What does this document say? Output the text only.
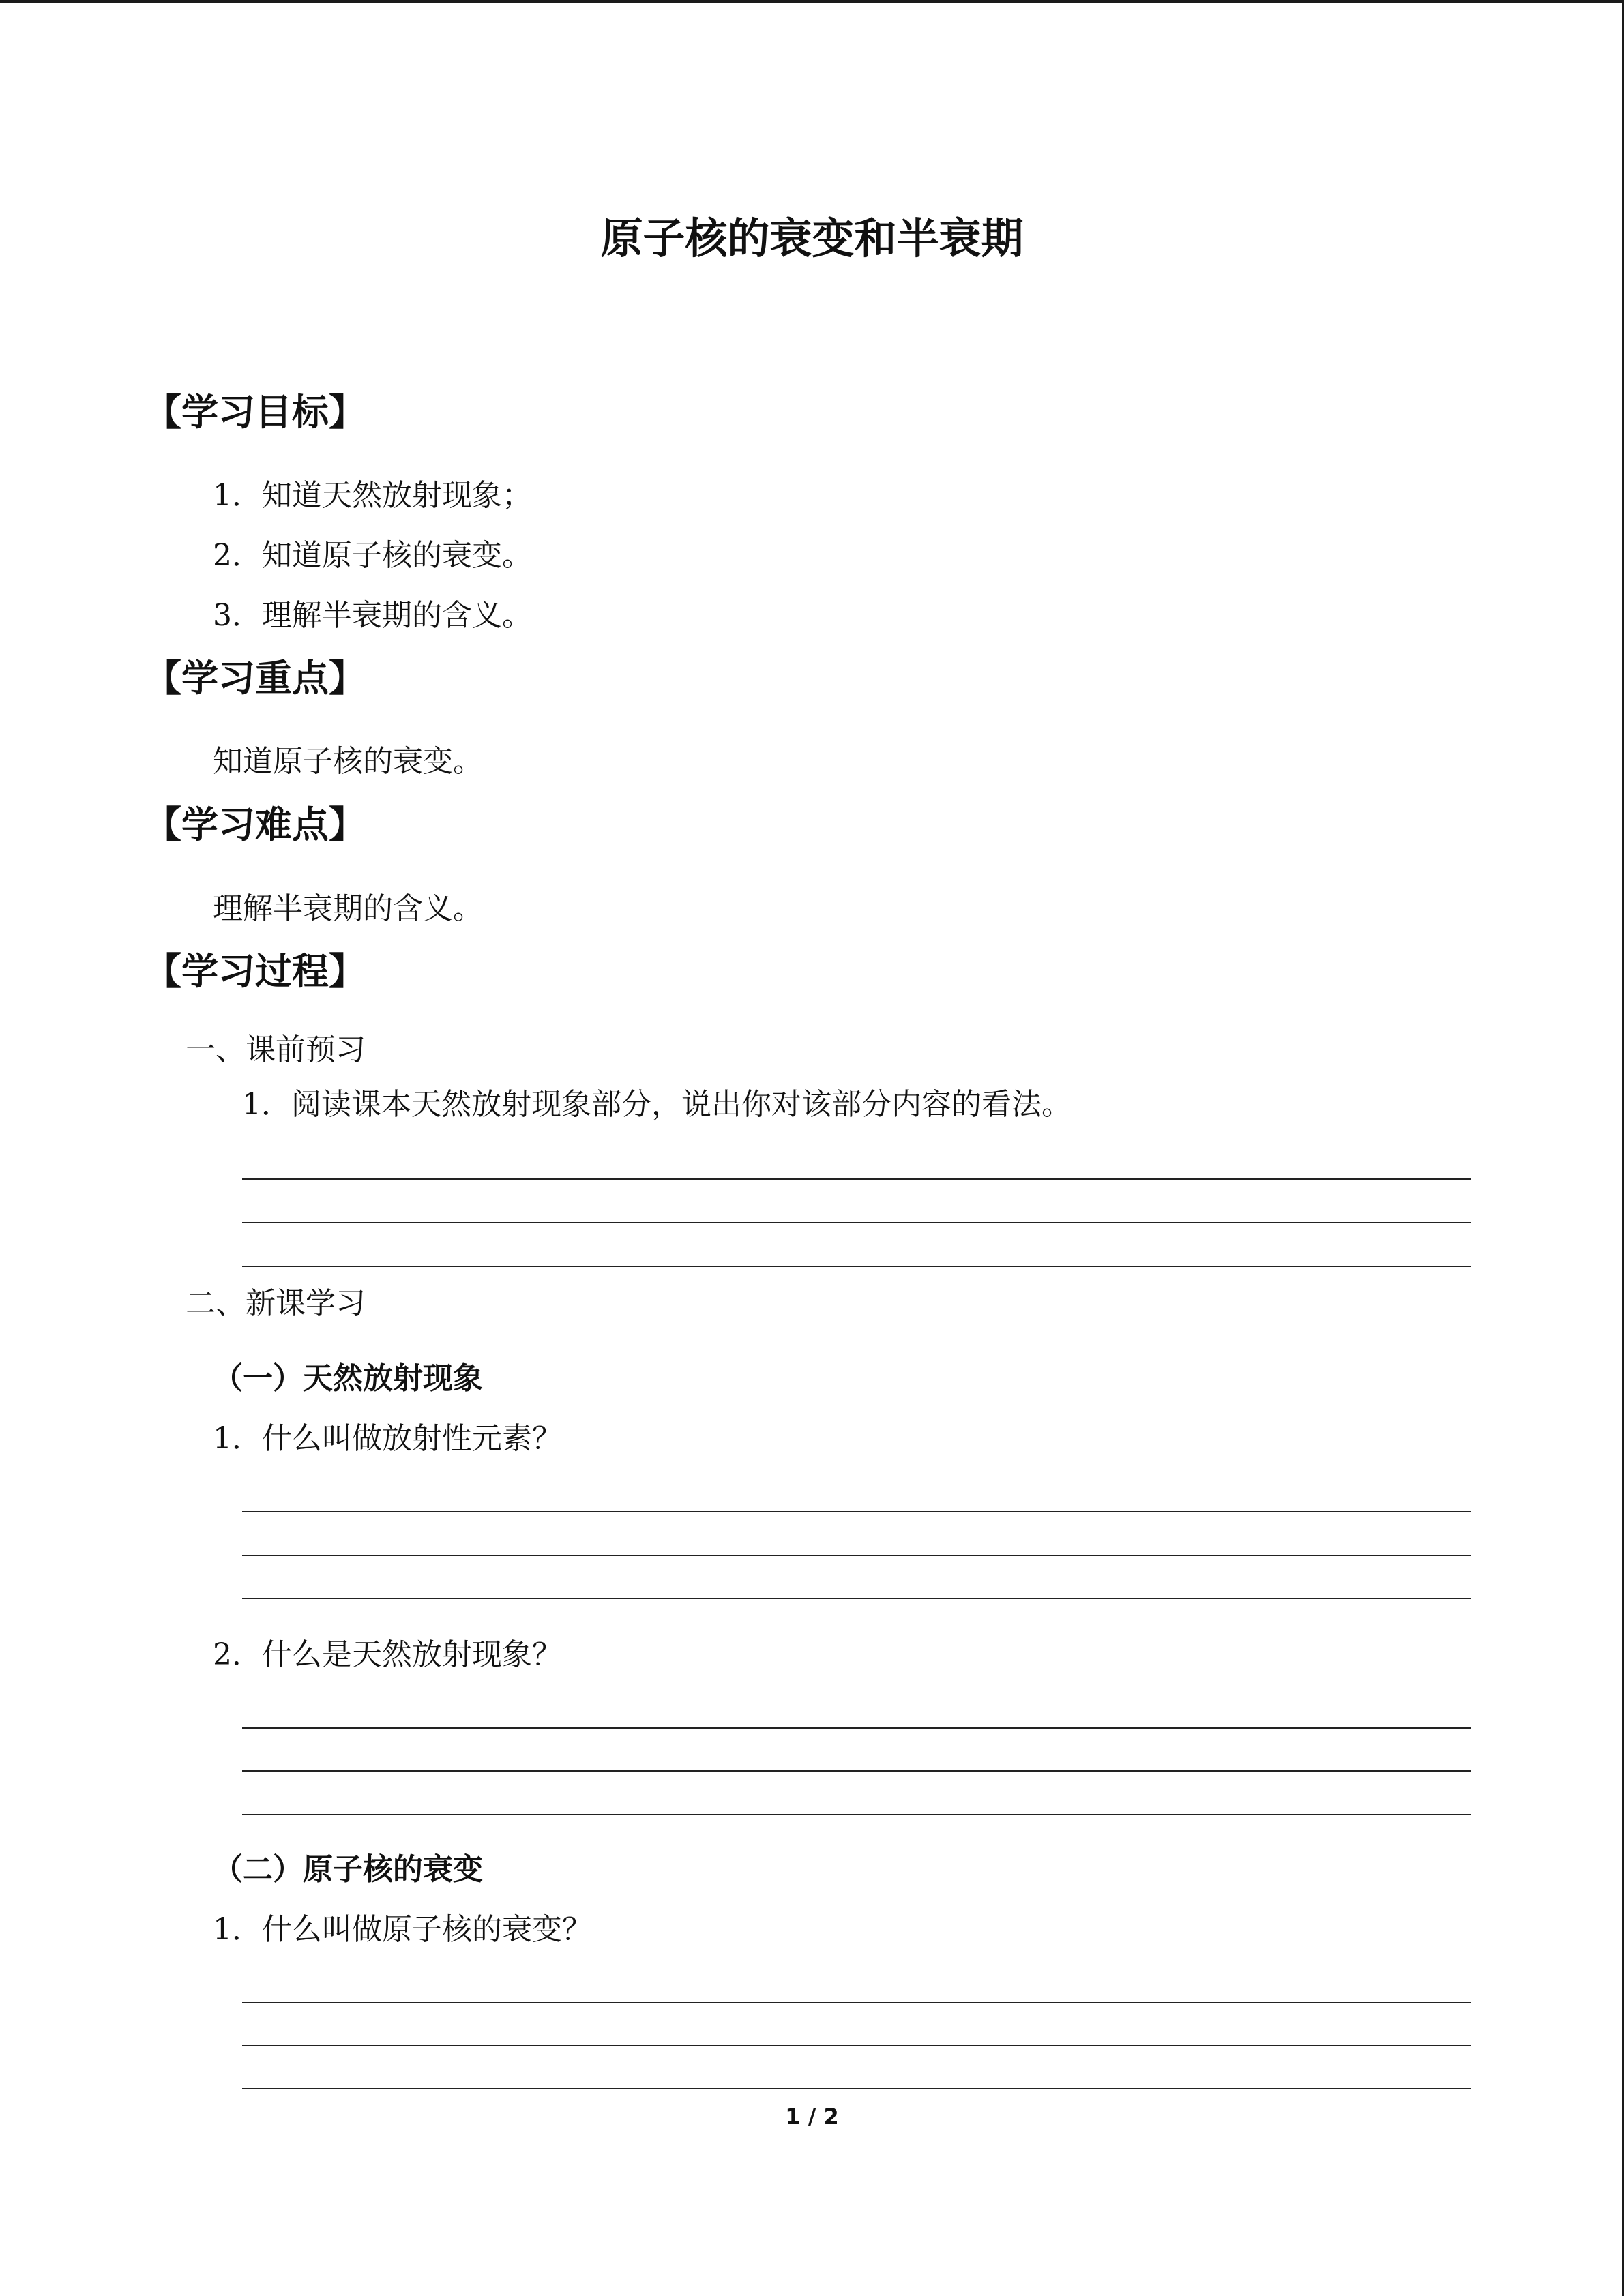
原子核的衰变和半衰期
【学习目标】
1．知道天然放射现象；
2．知道原子核的衰变。
3．理解半衰期的含义。
【学习重点】
知道原子核的衰变。
【学习难点】
理解半衰期的含义。
【学习过程】
一、课前预习
1．阅读课本天然放射现象部分，说出你对该部分内容的看法。
二、新课学习
（一）天然放射现象
1．什么叫做放射性元素？
2．什么是天然放射现象？
（二）原子核的衰变
1．什么叫做原子核的衰变？
1 / 2
